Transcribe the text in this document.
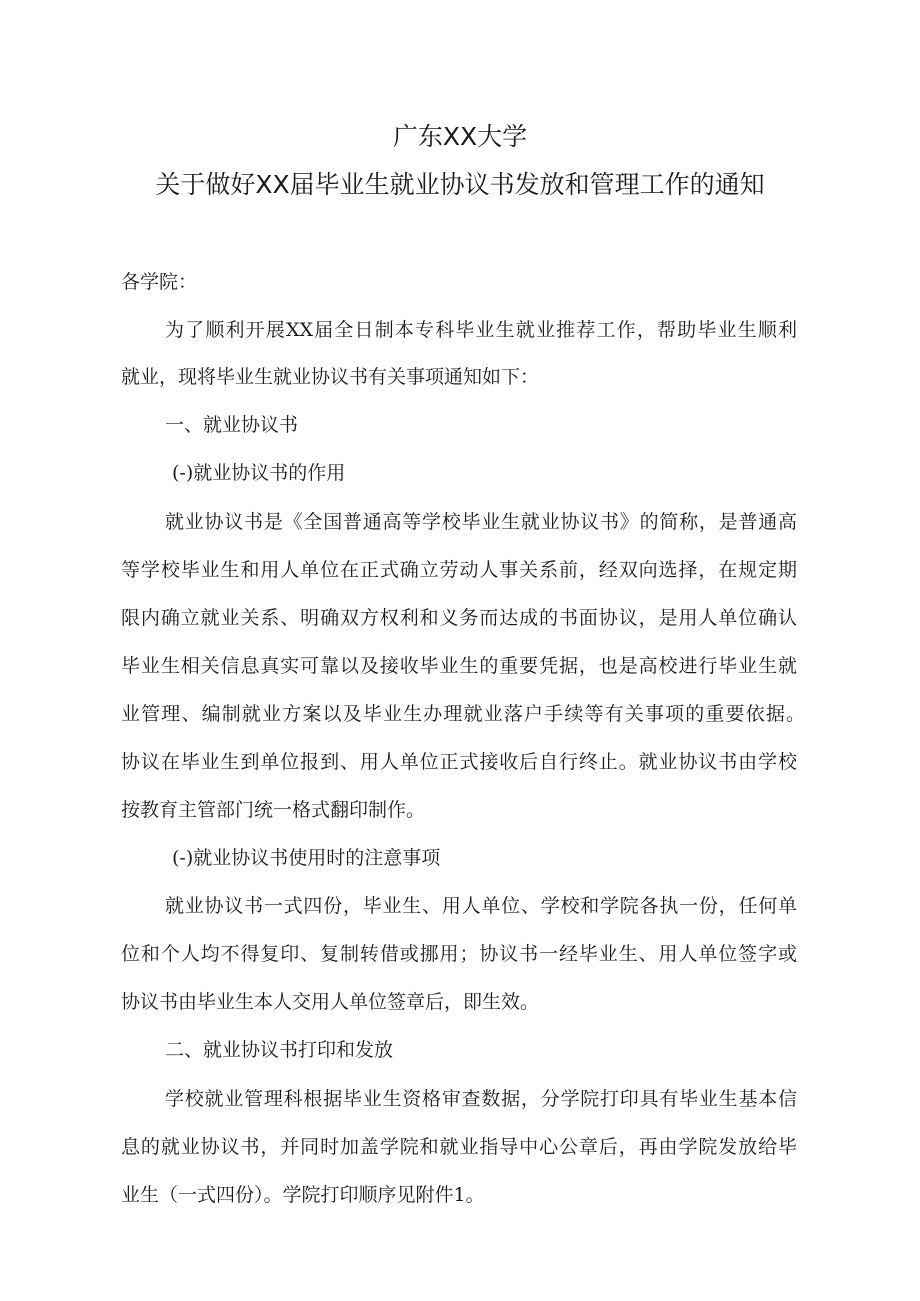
广东XX大学
关于做好XX届毕业生就业协议书发放和管理工作的通知

各学院：

为了顺利开展XX届全日制本专科毕业生就业推荐工作，帮助毕业生顺利

就业，现将毕业生就业协议书有关事项通知如下：

一、就业协议书

(-)就业协议书的作用

就业协议书是《全国普通高等学校毕业生就业协议书》的简称，是普通高

等学校毕业生和用人单位在正式确立劳动人事关系前，经双向选择，在规定期

限内确立就业关系、明确双方权利和义务而达成的书面协议，是用人单位确认

毕业生相关信息真实可靠以及接收毕业生的重要凭据，也是高校进行毕业生就

业管理、编制就业方案以及毕业生办理就业落户手续等有关事项的重要依据。

协议在毕业生到单位报到、用人单位正式接收后自行终止。就业协议书由学校

按教育主管部门统一格式翻印制作。

(-)就业协议书使用时的注意事项

就业协议书一式四份，毕业生、用人单位、学校和学院各执一份，任何单

位和个人均不得复印、复制转借或挪用；协议书一经毕业生、用人单位签字或

协议书由毕业生本人交用人单位签章后，即生效。

二、就业协议书打印和发放

学校就业管理科根据毕业生资格审查数据，分学院打印具有毕业生基本信

息的就业协议书，并同时加盖学院和就业指导中心公章后，再由学院发放给毕

业生（一式四份）。学院打印顺序见附件1。
